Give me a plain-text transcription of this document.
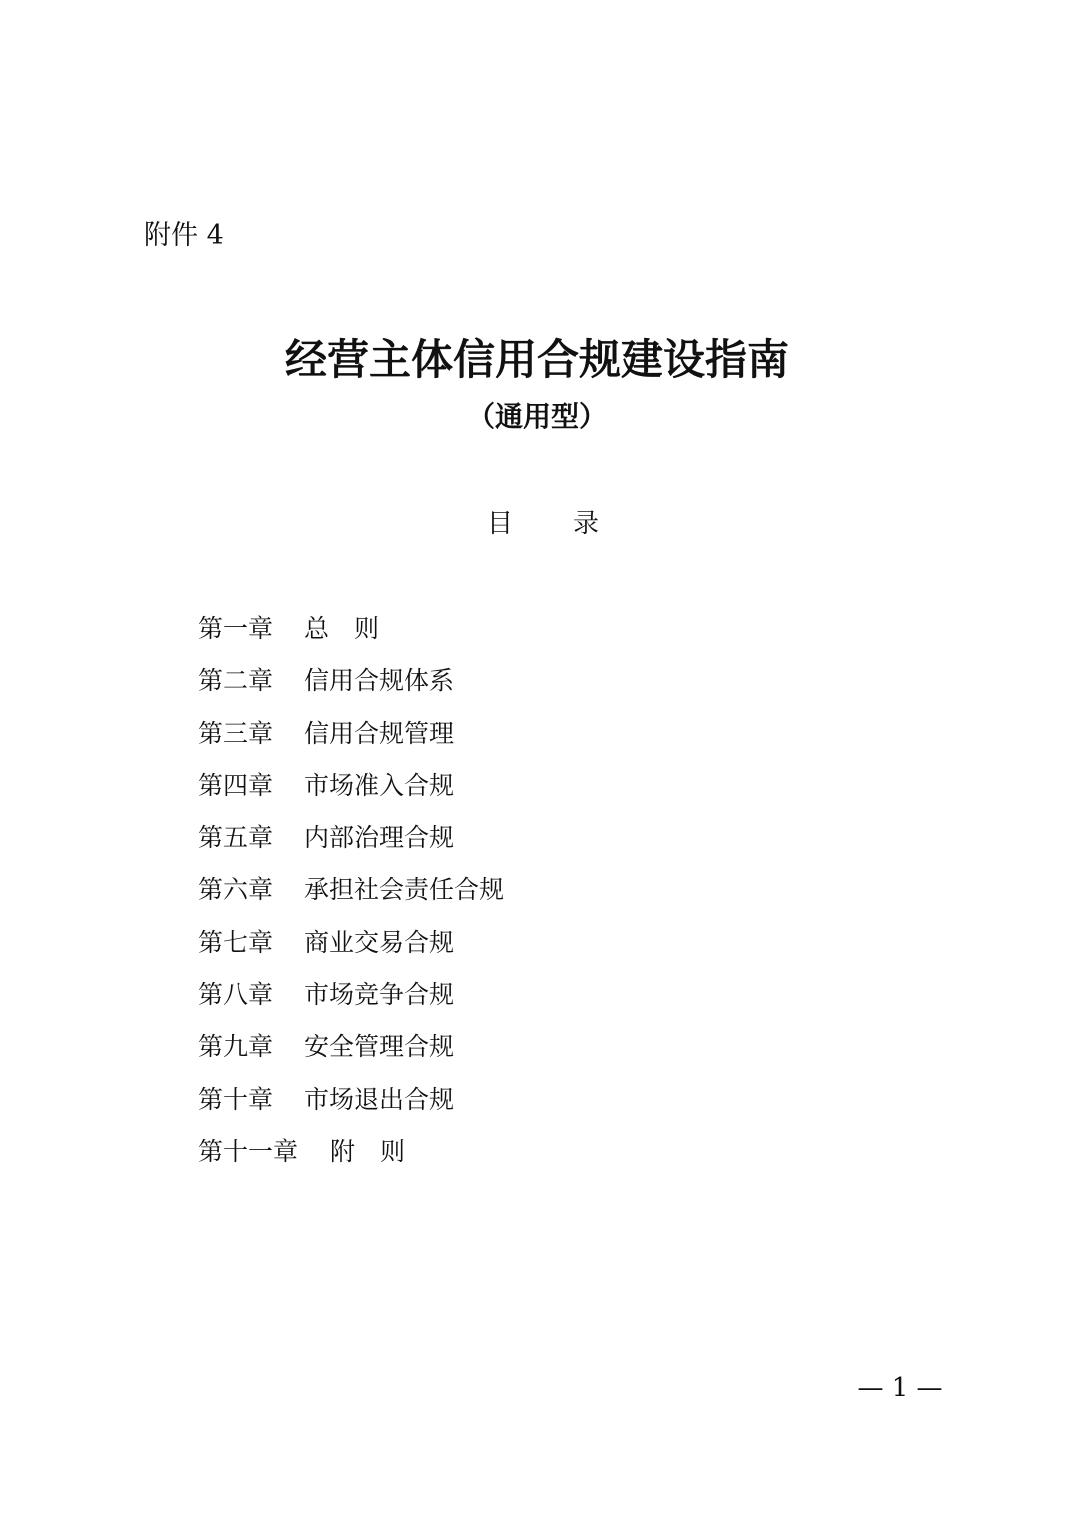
附件 4
经营主体信用合规建设指南
（通用型）
目 录
第一章 总　则
第二章 信用合规体系
第三章 信用合规管理
第四章 市场准入合规
第五章 内部治理合规
第六章 承担社会责任合规
第七章 商业交易合规
第八章 市场竞争合规
第九章 安全管理合规
第十章 市场退出合规
第十一章 附　则
— 1 —
